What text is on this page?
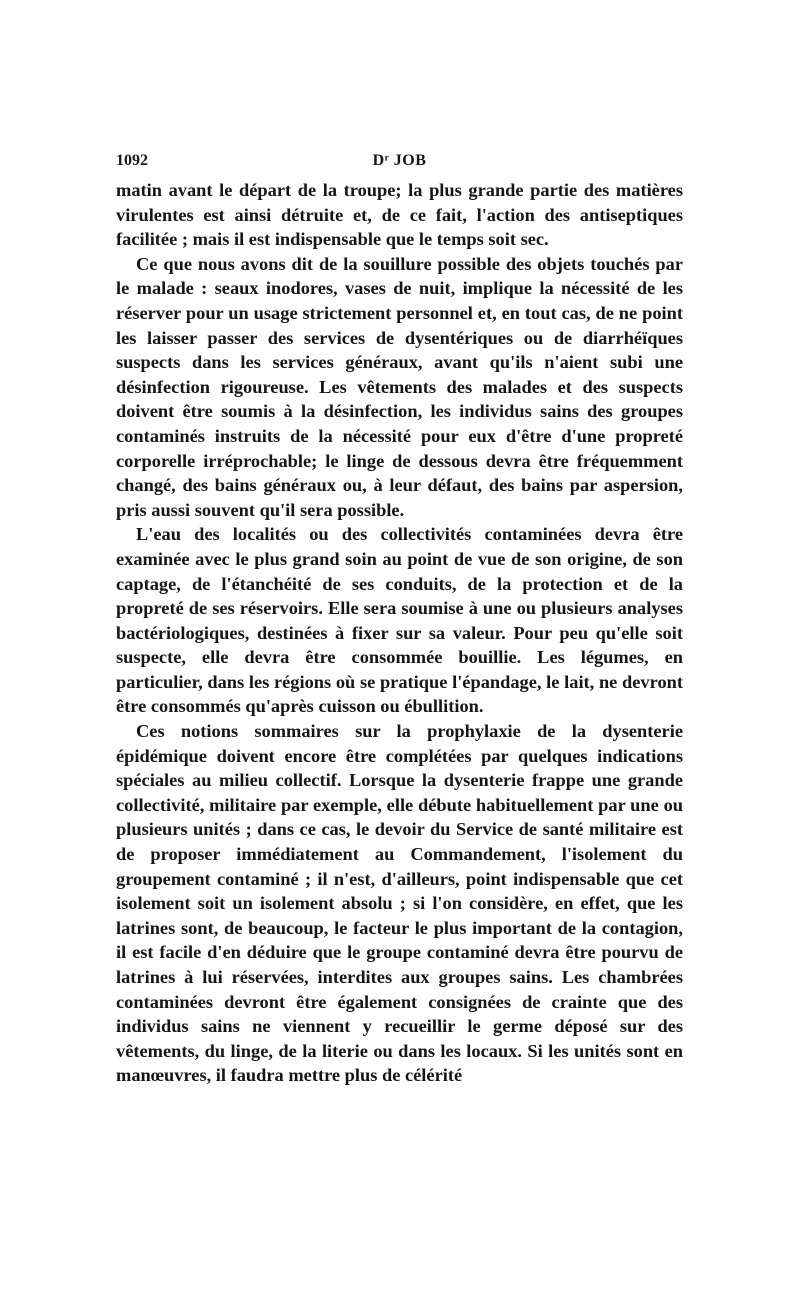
1092	Dʳ JOB

matin avant le départ de la troupe; la plus grande partie des matières virulentes est ainsi détruite et, de ce fait, l'action des antiseptiques facilitée ; mais il est indispensable que le temps soit sec.

Ce que nous avons dit de la souillure possible des objets touchés par le malade : seaux inodores, vases de nuit, implique la nécessité de les réserver pour un usage strictement personnel et, en tout cas, de ne point les laisser passer des services de dysentériques ou de diarrhéïques suspects dans les services généraux, avant qu'ils n'aient subi une désinfection rigoureuse. Les vêtements des malades et des suspects doivent être soumis à la désinfection, les individus sains des groupes contaminés instruits de la nécessité pour eux d'être d'une propreté corporelle irréprochable; le linge de dessous devra être fréquemment changé, des bains généraux ou, à leur défaut, des bains par aspersion, pris aussi souvent qu'il sera possible.

L'eau des localités ou des collectivités contaminées devra être examinée avec le plus grand soin au point de vue de son origine, de son captage, de l'étanchéité de ses conduits, de la protection et de la propreté de ses réservoirs. Elle sera soumise à une ou plusieurs analyses bactériologiques, destinées à fixer sur sa valeur. Pour peu qu'elle soit suspecte, elle devra être consommée bouillie. Les légumes, en particulier, dans les régions où se pratique l'épandage, le lait, ne devront être consommés qu'après cuisson ou ébullition.

Ces notions sommaires sur la prophylaxie de la dysenterie épidémique doivent encore être complétées par quelques indications spéciales au milieu collectif. Lorsque la dysenterie frappe une grande collectivité, militaire par exemple, elle débute habituellement par une ou plusieurs unités ; dans ce cas, le devoir du Service de santé militaire est de proposer immédiatement au Commandement, l'isolement du groupement contaminé ; il n'est, d'ailleurs, point indispensable que cet isolement soit un isolement absolu ; si l'on considère, en effet, que les latrines sont, de beaucoup, le facteur le plus important de la contagion, il est facile d'en déduire que le groupe contaminé devra être pourvu de latrines à lui réservées, interdites aux groupes sains. Les chambrées contaminées devront être également consignées de crainte que des individus sains ne viennent y recueillir le germe déposé sur des vêtements, du linge, de la literie ou dans les locaux. Si les unités sont en manœuvres, il faudra mettre plus de célérité
